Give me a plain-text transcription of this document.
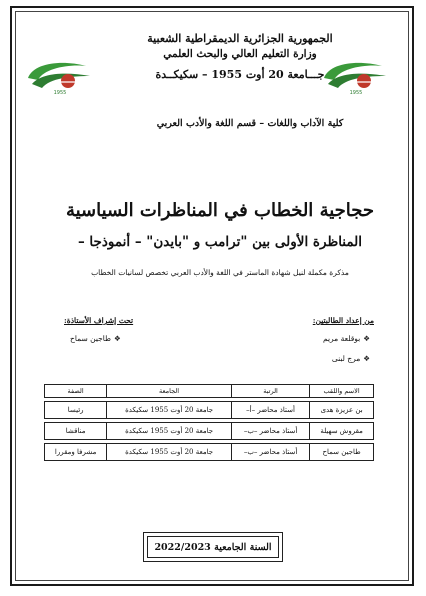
الجمهورية الجزائرية الديمقراطية الشعبية
وزارة التعليم العالي والبحث العلمي
جـــامعة 20 أوت 1955 – سكيكــدة
1955	1955
كلية الآداب واللغات – قسم اللغة والأدب العربي
حجاجية الخطاب في المناظرات السياسية
المناظرة الأولى بين "ترامب و "بايدن" – أنموذجا –
مذكرة مكملة لنيل شهادة الماستر في اللغة والأدب العربي تخصص لسانيات الخطاب
من إعداد الطالبتين:
تحت إشراف الأستاذة:
❖بوقلعة مريم
❖مرج لبنى
❖طاجين سماح
الاسم واللقب	الرتبة	الجامعة	الصفة

بن عزيزة هدى	أستاذ محاضر –أ–	جامعة 20 أوت 1955 سكيكدة	رئيسا

مقروش سهيلة	أستاذ محاضر –ب–	جامعة 20 أوت 1955 سكيكدة	مناقشا

طاجين سماح	أستاذ محاضر –ب–	جامعة 20 أوت 1955 سكيكدة	مشرفا ومقررا
السنة الجامعية 2022/2023
